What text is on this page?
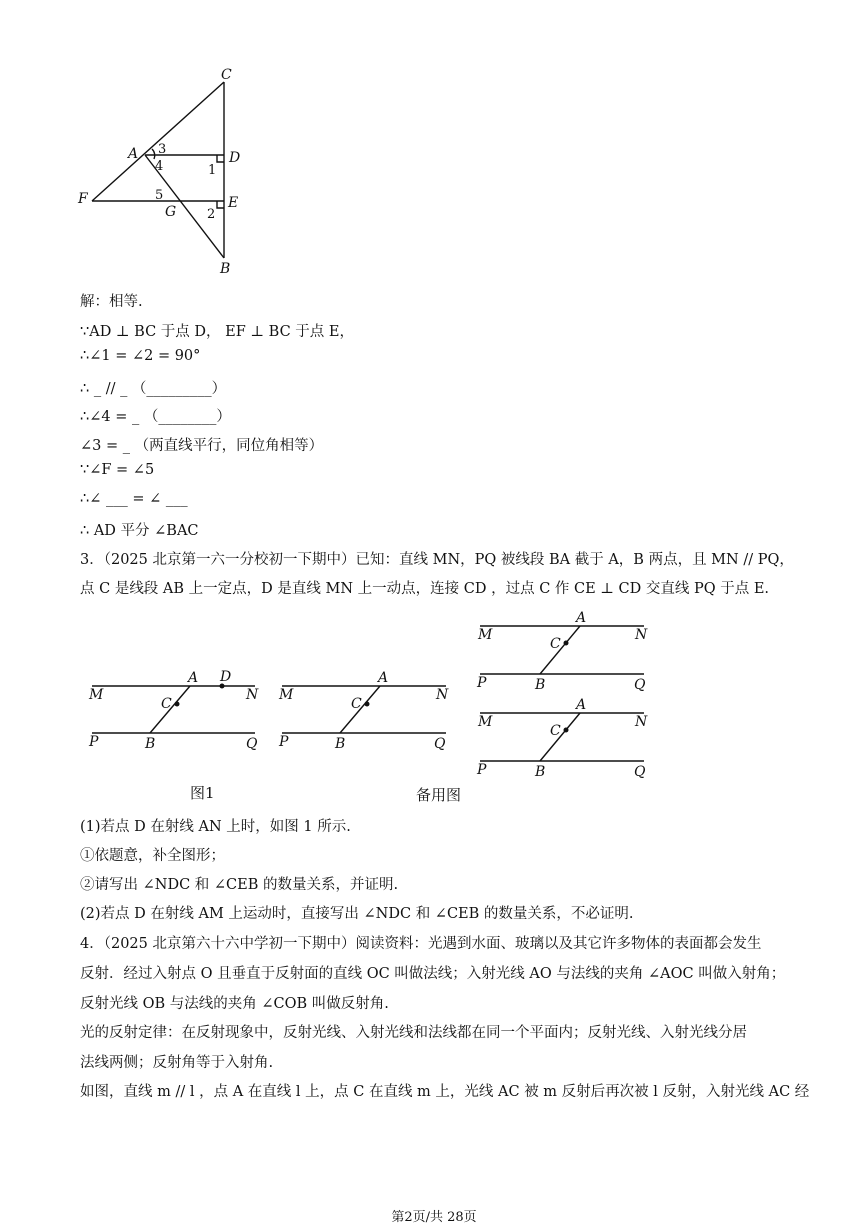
C
A	D
F	E
G
B
3
4
5
1
2
解：相等.
∵AD ⊥ BC 于点 D， EF ⊥ BC 于点 E，
∴∠1 = ∠2 = 90°
∴ _ // _ （_________）
∴∠4 = _ （________）
∠3 = _ （两直线平行，同位角相等）
∵∠F = ∠5
∴∠ ___ = ∠ ___
∴ AD 平分 ∠BAC
3．（2025 北京第一六一分校初一下期中）已知：直线 MN，PQ 被线段 BA 截于 A，B 两点，且 MN // PQ，
点 C 是线段 AB 上一定点，D 是直线 MN 上一动点，连接 CD ，过点 C 作 CE ⊥ CD 交直线 PQ 于点 E.
M
A D
N
C
P	B	Q
M
A
N
C
P	B	Q
M
A
N
C
P	B	Q
M
A
N
C
P	B	Q
图1	备用图
(1)若点 D 在射线 AN 上时，如图 1 所示.
①依题意，补全图形；
②请写出 ∠NDC 和 ∠CEB 的数量关系，并证明.
(2)若点 D 在射线 AM 上运动时，直接写出 ∠NDC 和 ∠CEB 的数量关系，不必证明.
4．（2025 北京第六十六中学初一下期中）阅读资料：光遇到水面、玻璃以及其它许多物体的表面都会发生
反射．经过入射点 O 且垂直于反射面的直线 OC 叫做法线；入射光线 AO 与法线的夹角 ∠AOC 叫做入射角；
反射光线 OB 与法线的夹角 ∠COB 叫做反射角.
光的反射定律：在反射现象中，反射光线、入射光线和法线都在同一个平面内；反射光线、入射光线分居
法线两侧；反射角等于入射角.
如图，直线 m // l ，点 A 在直线 l 上，点 C 在直线 m 上，光线 AC 被 m 反射后再次被 l 反射，入射光线 AC 经
第2页/共 28页
